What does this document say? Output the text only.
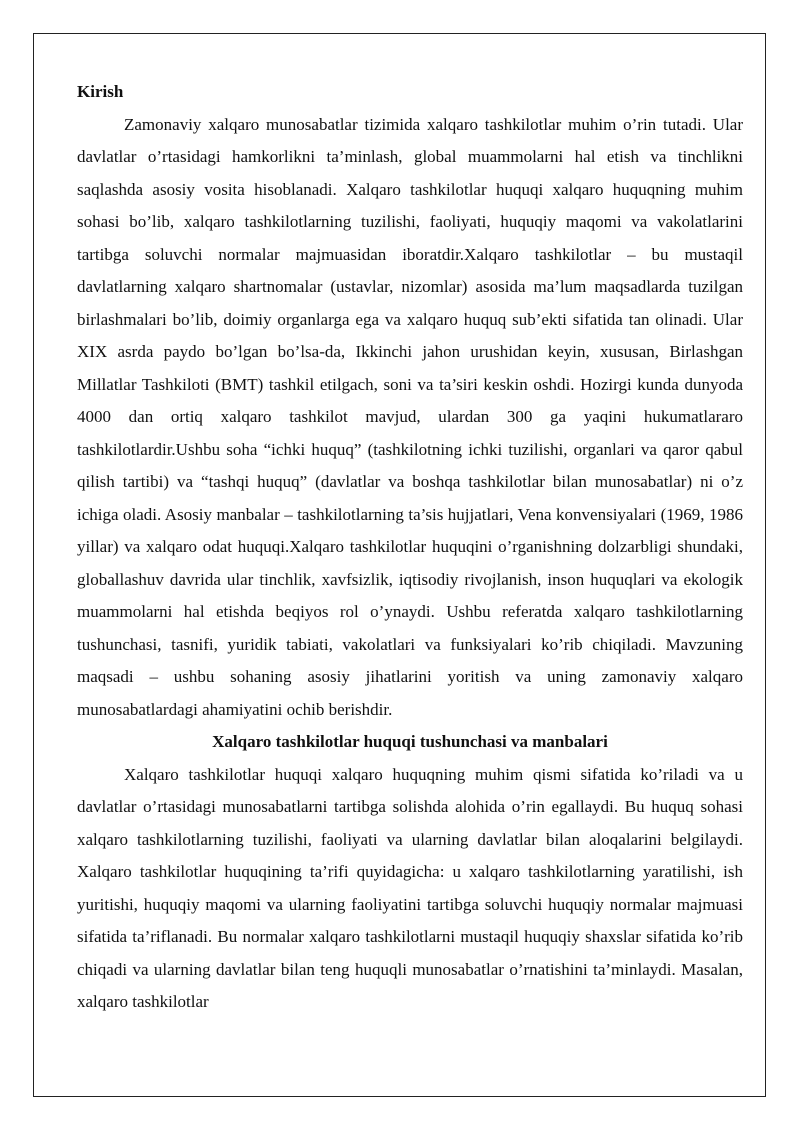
Kirish

Zamonaviy xalqaro munosabatlar tizimida xalqaro tashkilotlar muhim o’rin tutadi. Ular davlatlar o’rtasidagi hamkorlikni ta’minlash, global muammolarni hal etish va tinchlikni saqlashda asosiy vosita hisoblanadi. Xalqaro tashkilotlar huquqi xalqaro huquqning muhim sohasi bo’lib, xalqaro tashkilotlarning tuzilishi, faoliyati, huquqiy maqomi va vakolatlarini tartibga soluvchi normalar majmuasidan iboratdir.Xalqaro tashkilotlar – bu mustaqil davlatlarning xalqaro shartnomalar (ustavlar, nizomlar) asosida ma’lum maqsadlarda tuzilgan birlashmalari bo’lib, doimiy organlarga ega va xalqaro huquq sub’ekti sifatida tan olinadi. Ular XIX asrda paydo bo’lgan bo’lsa-da, Ikkinchi jahon urushidan keyin, xususan, Birlashgan Millatlar Tashkiloti (BMT) tashkil etilgach, soni va ta’siri keskin oshdi. Hozirgi kunda dunyoda 4000 dan ortiq xalqaro tashkilot mavjud, ulardan 300 ga yaqini hukumatlararo tashkilotlardir.Ushbu soha “ichki huquq” (tashkilotning ichki tuzilishi, organlari va qaror qabul qilish tartibi) va “tashqi huquq” (davlatlar va boshqa tashkilotlar bilan munosabatlar) ni o’z ichiga oladi. Asosiy manbalar – tashkilotlarning ta’sis hujjatlari, Vena konvensiyalari (1969, 1986 yillar) va xalqaro odat huquqi.Xalqaro tashkilotlar huquqini o’rganishning dolzarbligi shundaki, globallashuv davrida ular tinchlik, xavfsizlik, iqtisodiy rivojlanish, inson huquqlari va ekologik muammolarni hal etishda beqiyos rol o’ynaydi. Ushbu referatda xalqaro tashkilotlarning tushunchasi, tasnifi, yuridik tabiati, vakolatlari va funksiyalari ko’rib chiqiladi. Mavzuning maqsadi – ushbu sohaning asosiy jihatlarini yoritish va uning zamonaviy xalqaro munosabatlardagi ahamiyatini ochib berishdir.

Xalqaro tashkilotlar huquqi tushunchasi va manbalari

Xalqaro tashkilotlar huquqi xalqaro huquqning muhim qismi sifatida ko’riladi va u davlatlar o’rtasidagi munosabatlarni tartibga solishda alohida o’rin egallaydi. Bu huquq sohasi xalqaro tashkilotlarning tuzilishi, faoliyati va ularning davlatlar bilan aloqalarini belgilaydi. Xalqaro tashkilotlar huquqining ta’rifi quyidagicha: u xalqaro tashkilotlarning yaratilishi, ish yuritishi, huquqiy maqomi va ularning faoliyatini tartibga soluvchi huquqiy normalar majmuasi sifatida ta’riflanadi. Bu normalar xalqaro tashkilotlarni mustaqil huquqiy shaxslar sifatida ko’rib chiqadi va ularning davlatlar bilan teng huquqli munosabatlar o’rnatishini ta’minlaydi. Masalan, xalqaro tashkilotlar
